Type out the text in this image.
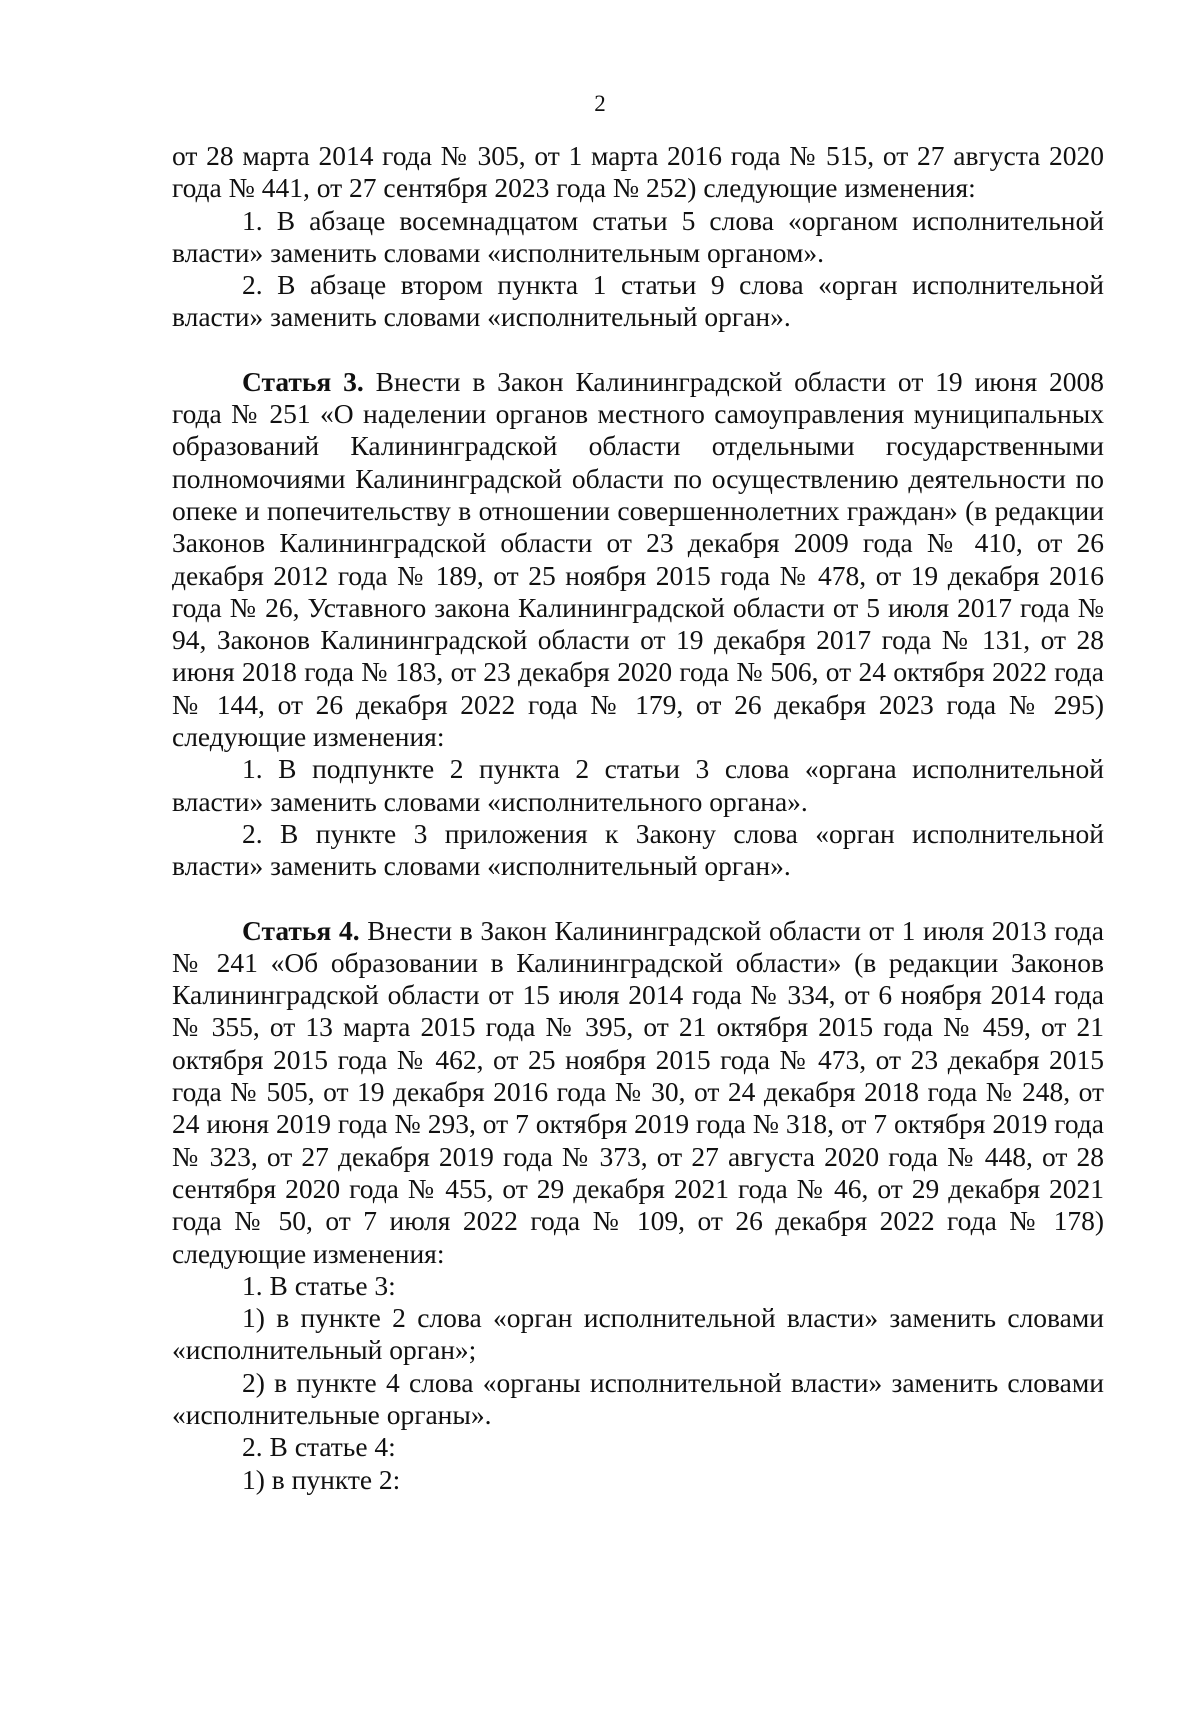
2

от 28 марта 2014 года № 305, от 1 марта 2016 года № 515, от 27 августа 2020 года № 441, от 27 сентября 2023 года № 252) следующие изменения:

1. В абзаце восемнадцатом статьи 5 слова «органом исполнительной власти» заменить словами «исполнительным органом».

2. В абзаце втором пункта 1 статьи 9 слова «орган исполнительной власти» заменить словами «исполнительный орган».

Статья 3. Внести в Закон Калининградской области от 19 июня 2008 года № 251 «О наделении органов местного самоуправления муниципальных образований Калининградской области отдельными государственными полномочиями Калининградской области по осуществлению деятельности по опеке и попечительству в отношении совершеннолетних граждан» (в редакции Законов Калининградской области от 23 декабря 2009 года № 410, от 26 декабря 2012 года № 189, от 25 ноября 2015 года № 478, от 19 декабря 2016 года № 26, Уставного закона Калининградской области от 5 июля 2017 года № 94, Законов Калининградской области от 19 декабря 2017 года № 131, от 28 июня 2018 года № 183, от 23 декабря 2020 года № 506, от 24 октября 2022 года № 144, от 26 декабря 2022 года № 179, от 26 декабря 2023 года № 295) следующие изменения:

1. В подпункте 2 пункта 2 статьи 3 слова «органа исполнительной власти» заменить словами «исполнительного органа».

2. В пункте 3 приложения к Закону слова «орган исполнительной власти» заменить словами «исполнительный орган».

Статья 4. Внести в Закон Калининградской области от 1 июля 2013 года № 241 «Об образовании в Калининградской области» (в редакции Законов Калининградской области от 15 июля 2014 года № 334, от 6 ноября 2014 года № 355, от 13 марта 2015 года № 395, от 21 октября 2015 года № 459, от 21 октября 2015 года № 462, от 25 ноября 2015 года № 473, от 23 декабря 2015 года № 505, от 19 декабря 2016 года № 30, от 24 декабря 2018 года № 248, от 24 июня 2019 года № 293, от 7 октября 2019 года № 318, от 7 октября 2019 года № 323, от 27 декабря 2019 года № 373, от 27 августа 2020 года № 448, от 28 сентября 2020 года № 455, от 29 декабря 2021 года № 46, от 29 декабря 2021 года № 50, от 7 июля 2022 года № 109, от 26 декабря 2022 года № 178) следующие изменения:

1. В статье 3:

1) в пункте 2 слова «орган исполнительной власти» заменить словами «исполнительный орган»;

2) в пункте 4 слова «органы исполнительной власти» заменить словами «исполнительные органы».

2. В статье 4:

1) в пункте 2:
